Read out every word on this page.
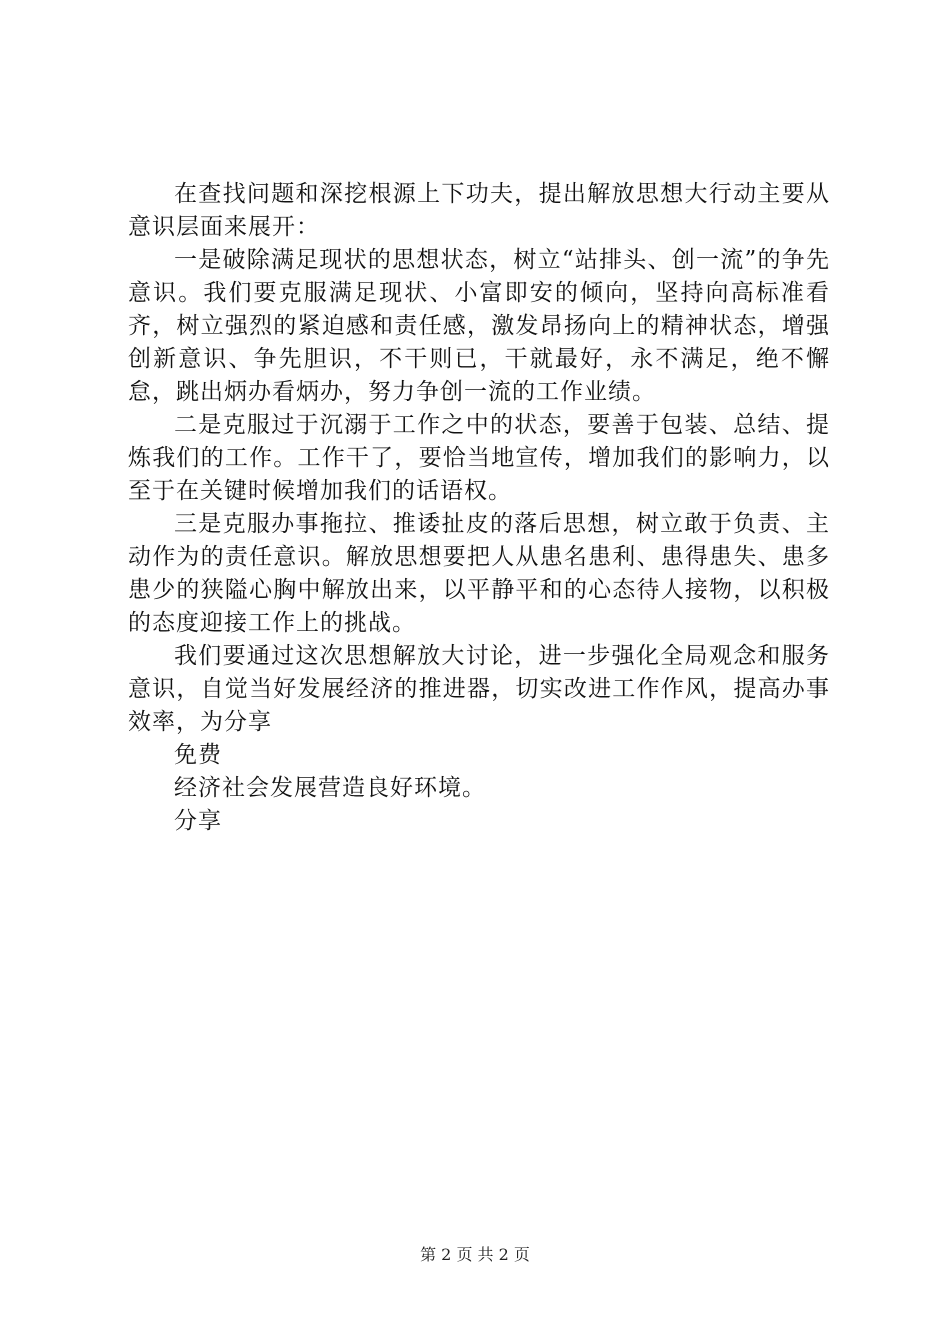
在查找问题和深挖根源上下功夫，提出解放思想大行动主要从意识层面来展开：

一是破除满足现状的思想状态，树立“站排头、创一流”的争先意识。我们要克服满足现状、小富即安的倾向，坚持向高标准看齐，树立强烈的紧迫感和责任感，激发昂扬向上的精神状态，增强创新意识、争先胆识，不干则已，干就最好，永不满足，绝不懈怠，跳出炳办看炳办，努力争创一流的工作业绩。

二是克服过于沉溺于工作之中的状态，要善于包装、总结、提炼我们的工作。工作干了，要恰当地宣传，增加我们的影响力，以至于在关键时候增加我们的话语权。

三是克服办事拖拉、推诿扯皮的落后思想，树立敢于负责、主动作为的责任意识。解放思想要把人从患名患利、患得患失、患多患少的狭隘心胸中解放出来，以平静平和的心态待人接物，以积极的态度迎接工作上的挑战。

我们要通过这次思想解放大讨论，进一步强化全局观念和服务意识，自觉当好发展经济的推进器，切实改进工作作风，提高办事效率，为分享

免费

经济社会发展营造良好环境。

分享

第 2 页 共 2 页
